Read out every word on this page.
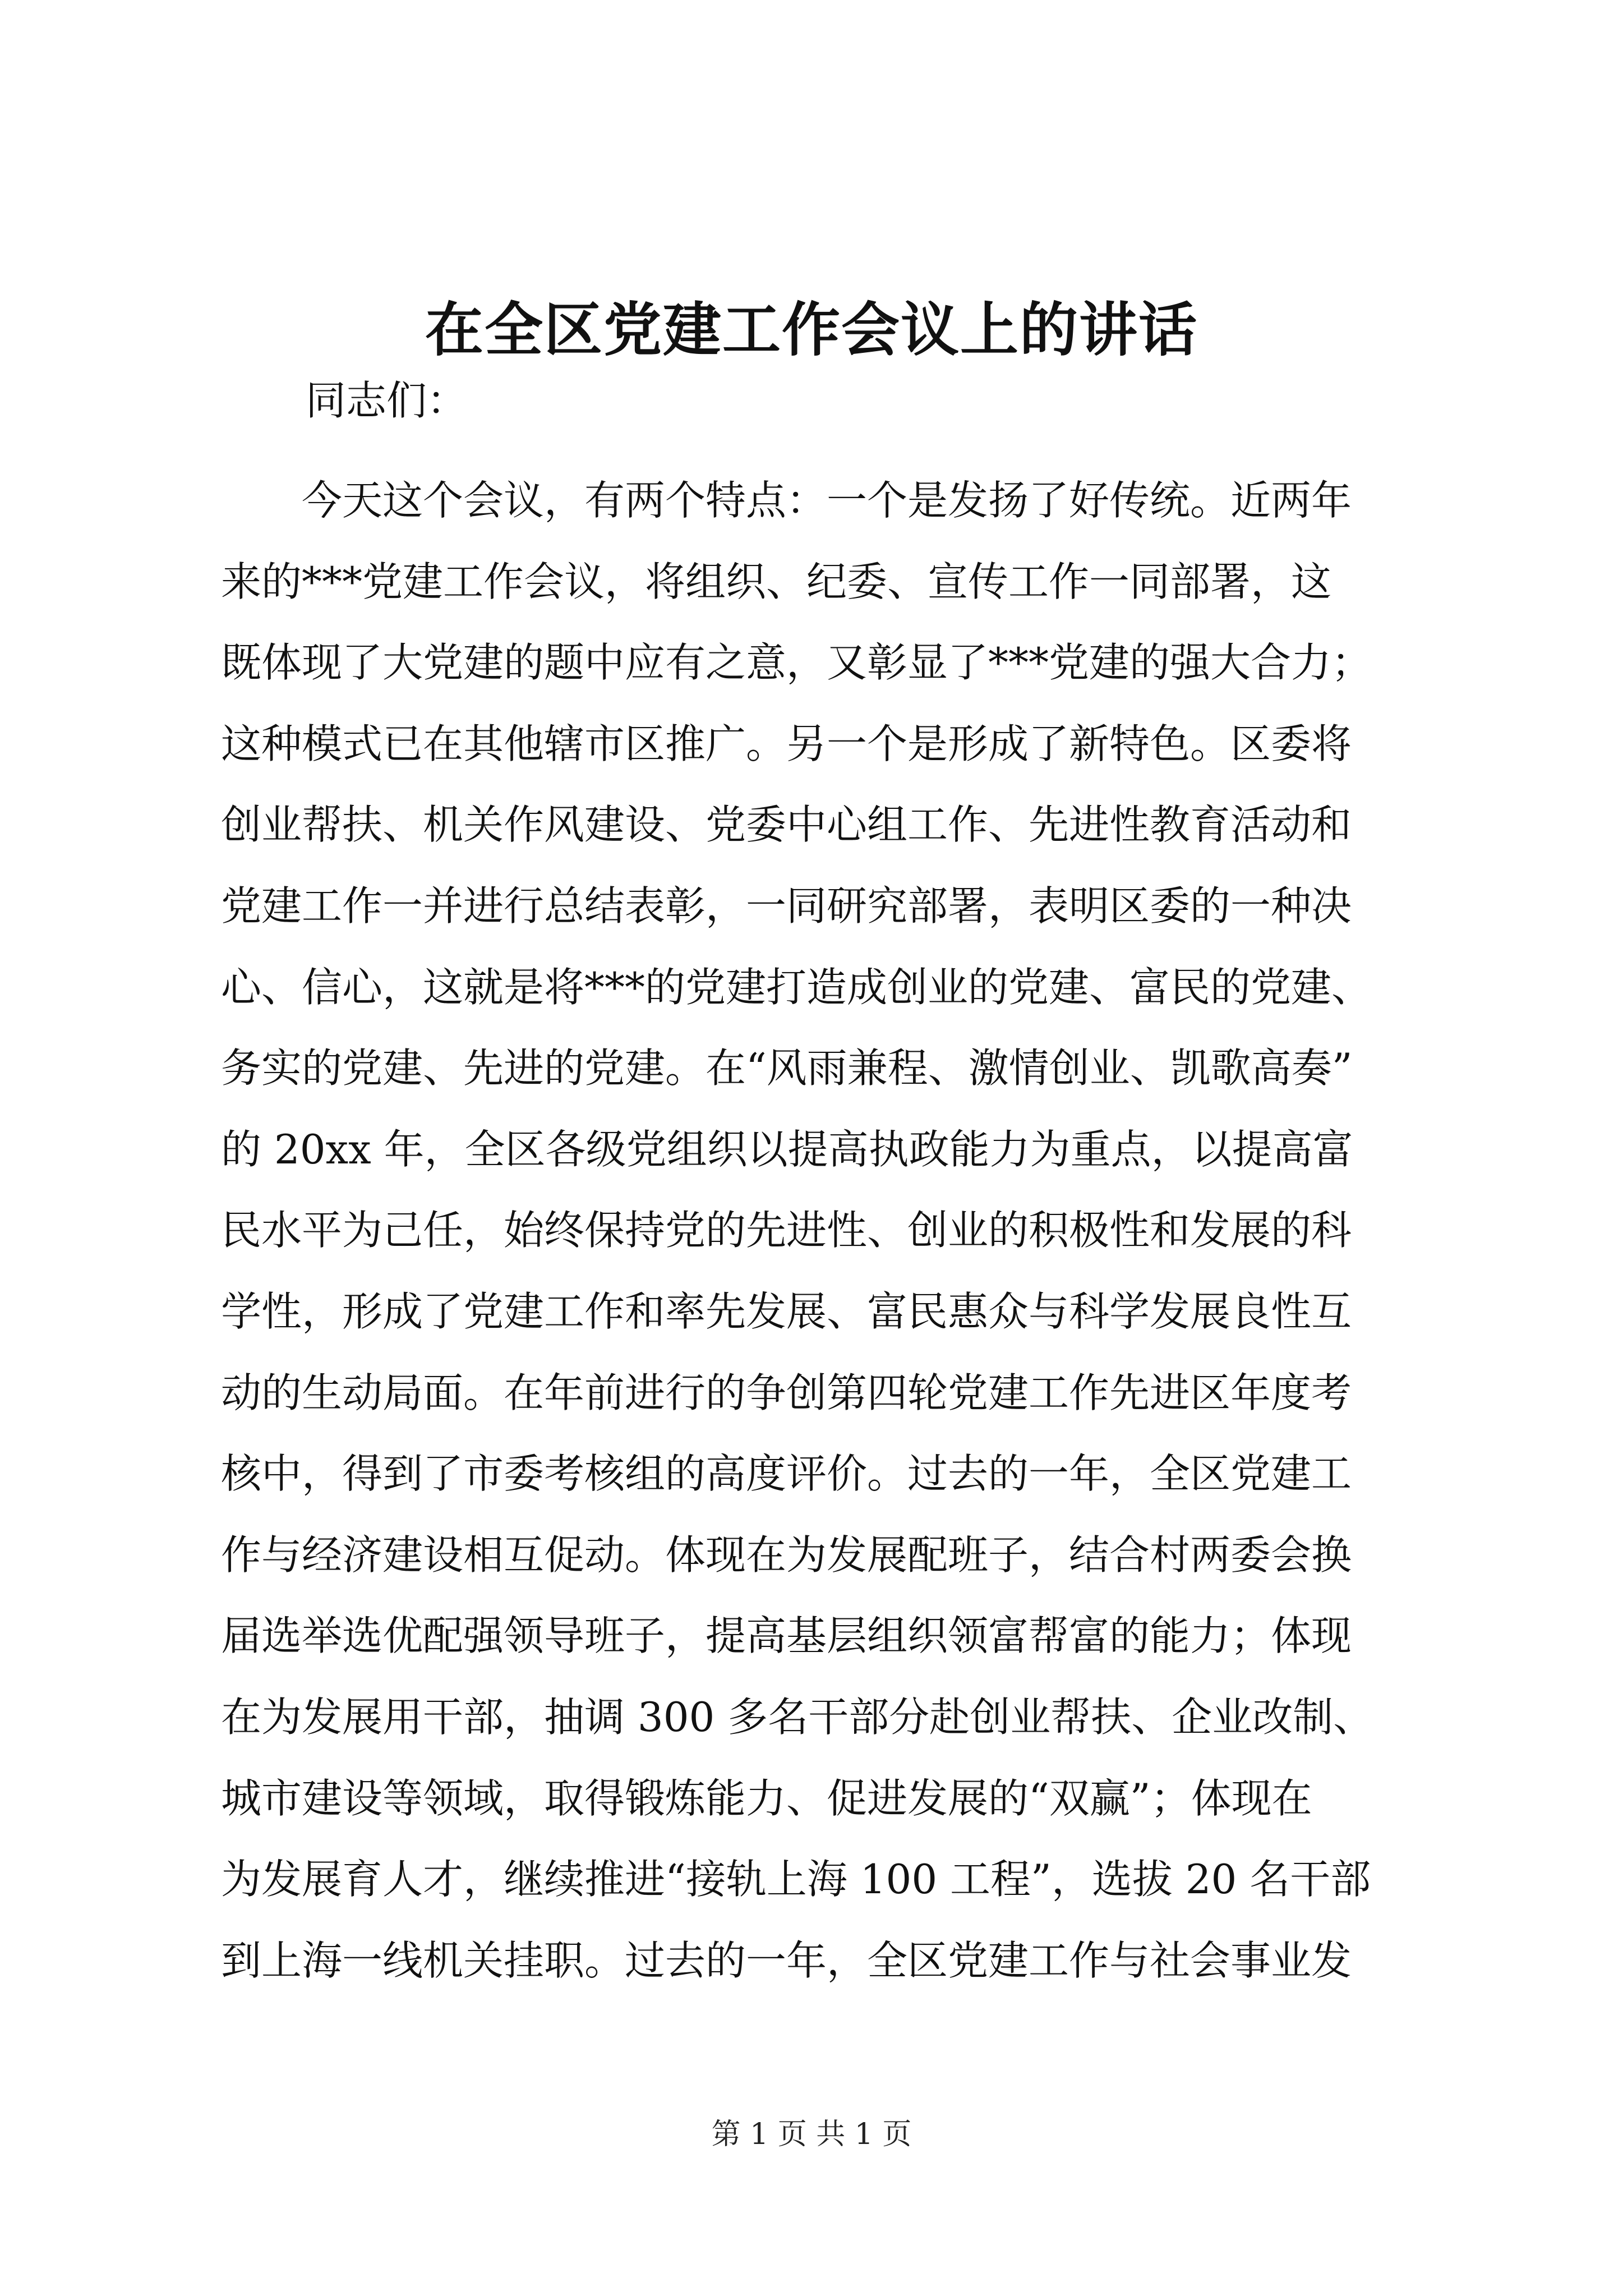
在全区党建工作会议上的讲话

同志们：

　　今天这个会议，有两个特点：一个是发扬了好传统。近两年
来的***党建工作会议，将组织、纪委、宣传工作一同部署，这
既体现了大党建的题中应有之意，又彰显了***党建的强大合力；
这种模式已在其他辖市区推广。另一个是形成了新特色。区委将
创业帮扶、机关作风建设、党委中心组工作、先进性教育活动和
党建工作一并进行总结表彰，一同研究部署，表明区委的一种决
心、信心，这就是将***的党建打造成创业的党建、富民的党建、
务实的党建、先进的党建。在“风雨兼程、激情创业、凯歌高奏”
的 20xx 年，全区各级党组织以提高执政能力为重点，以提高富
民水平为己任，始终保持党的先进性、创业的积极性和发展的科
学性，形成了党建工作和率先发展、富民惠众与科学发展良性互
动的生动局面。在年前进行的争创第四轮党建工作先进区年度考
核中，得到了市委考核组的高度评价。过去的一年，全区党建工
作与经济建设相互促动。体现在为发展配班子，结合村两委会换
届选举选优配强领导班子，提高基层组织领富帮富的能力；体现
在为发展用干部，抽调 300 多名干部分赴创业帮扶、企业改制、
城市建设等领域，取得锻炼能力、促进发展的“双赢”；体现在
为发展育人才，继续推进“接轨上海 100 工程”，选拔 20 名干部
到上海一线机关挂职。过去的一年，全区党建工作与社会事业发

第 1 页 共 1 页
